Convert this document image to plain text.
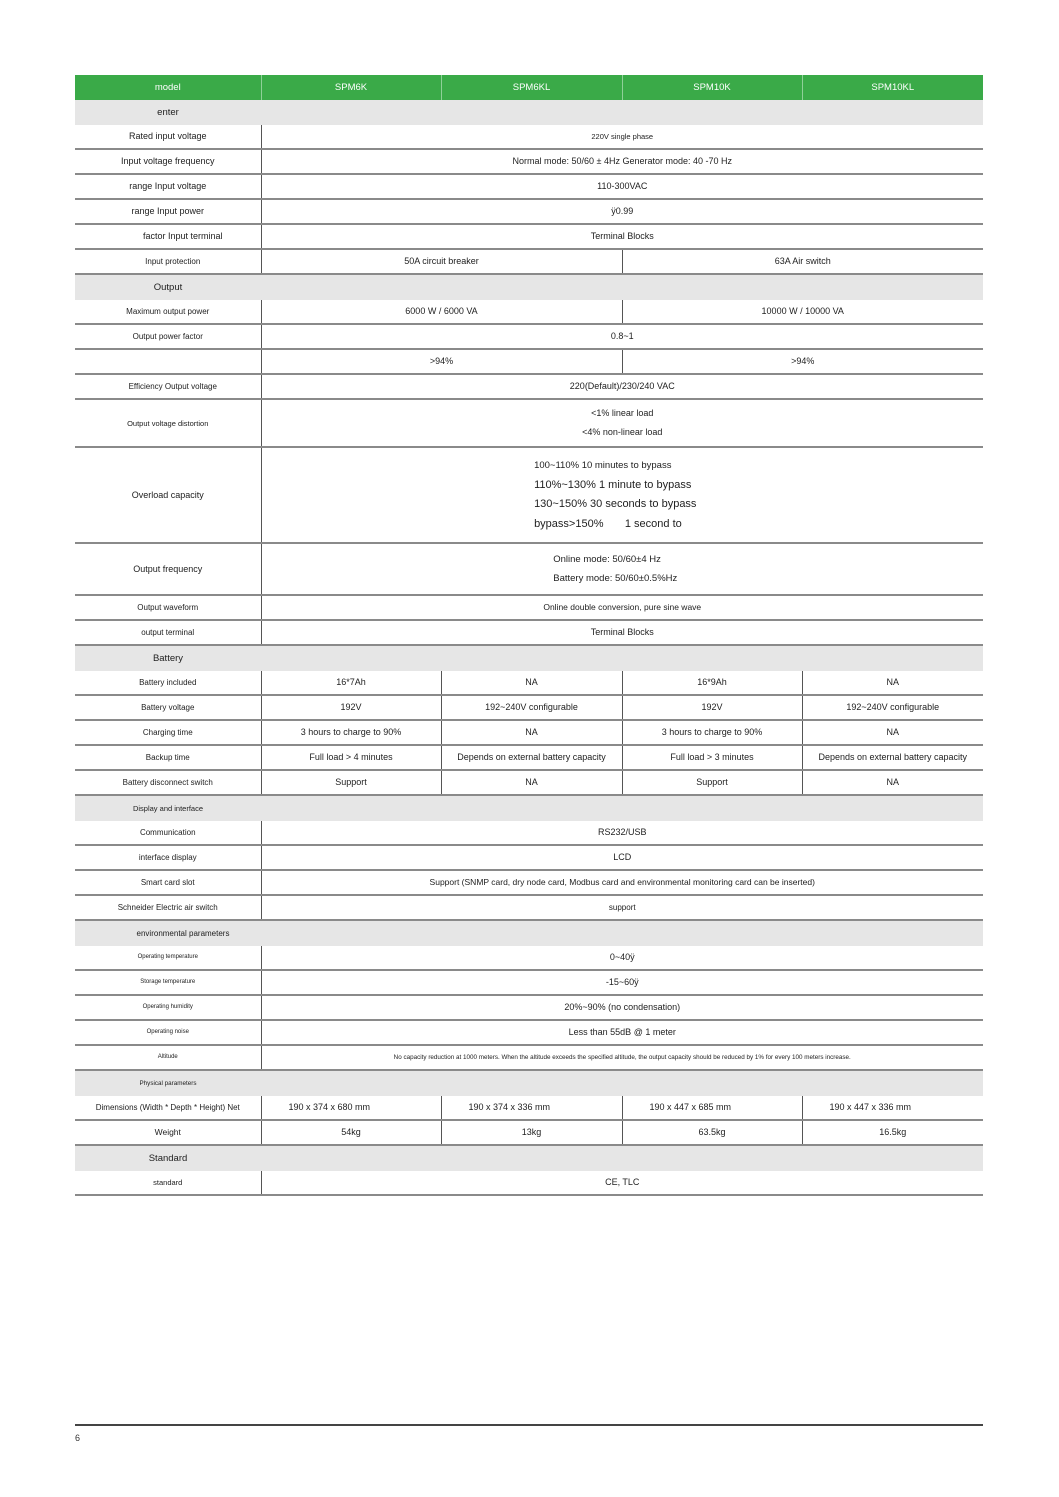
model	SPM6K	SPM6KL	SPM10K	SPM10KL
enter				
Rated input voltage	220V single phase			
Input voltage frequency	Normal mode: 50/60 ± 4Hz Generator mode: 40 -70 Hz			
range Input voltage	110-300VAC			
range Input power	ÿ0.99			
factor Input terminal	Terminal Blocks			
Input protection	50A circuit breaker		63A Air switch	
Output				
Maximum output power	6000 W / 6000 VA		10000 W / 10000 VA	
Output power factor	0.8~1			
	>94%		>94%	
Efficiency Output voltage	220(Default)/230/240 VAC			
Output voltage distortion	<1% linear load
<4% non-linear load			

Overload capacity	100~110% 10 minutes to bypass
110%~130% 1 minute to bypass
130~150% 30 seconds to bypass
bypass>150%       1 second to			

Output frequency	Online mode: 50/60±4 Hz
Battery mode: 50/60±0.5%Hz			

Output waveform	Online double conversion, pure sine wave			
output terminal	Terminal Blocks			
Battery				
Battery included	16*7Ah	NA	16*9Ah	NA
Battery voltage	192V	192~240V configurable	192V	192~240V configurable
Charging time	3 hours to charge to 90%	NA	3 hours to charge to 90%	NA
Backup time	Full load > 4 minutes	Depends on external battery capacity	Full load > 3 minutes	Depends on external battery capacity
Battery disconnect switch	Support	NA	Support	NA
Display and interface				
Communication	RS232/USB			
interface display	LCD			
Smart card slot	Support (SNMP card, dry node card, Modbus card and environmental monitoring card can be inserted)			
Schneider Electric air switch	support			
environmental parameters				
Operating temperature	0~40ÿ			
Storage temperature	-15~60ÿ			
Operating humidity	20%~90% (no condensation)			
Operating noise	Less than 55dB @ 1 meter			
Altitude	No capacity reduction at 1000 meters. When the altitude exceeds the specified altitude, the output capacity should be reduced by 1% for every 100 meters increase.			
Physical parameters				
Dimensions (Width * Depth * Height) Net	190 x 374 x 680 mm	190 x 374 x 336 mm	190 x 447 x 685 mm	190 x 447 x 336 mm
Weight	54kg	13kg	63.5kg	16.5kg
Standard				
standard	CE, TLC			
6
